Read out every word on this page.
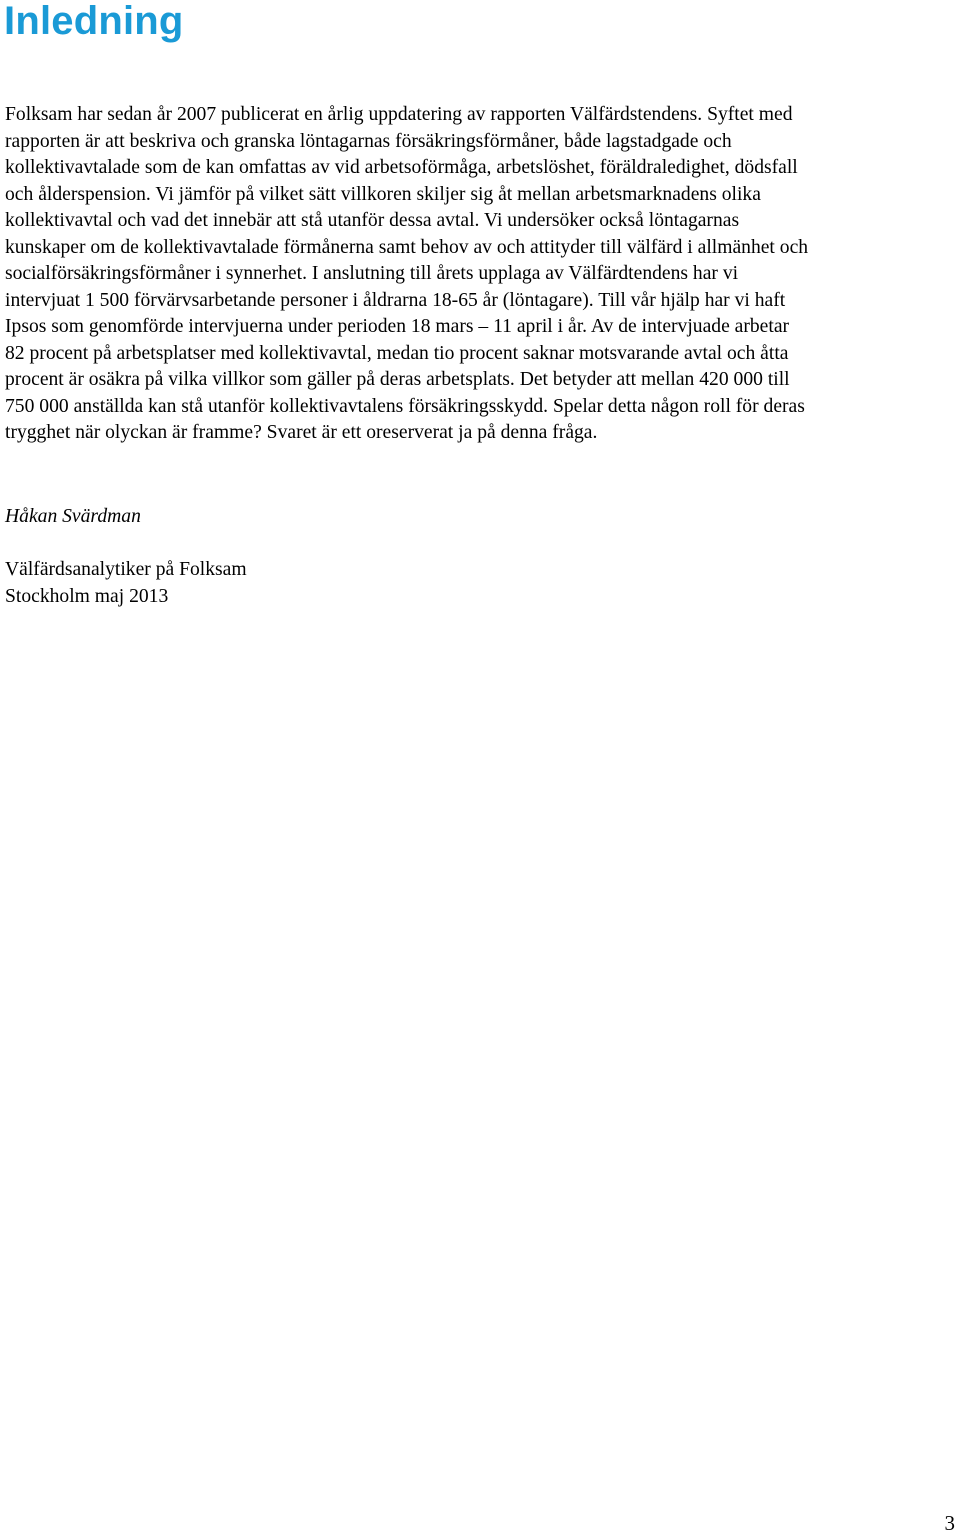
Inledning
Folksam har sedan år 2007 publicerat en årlig uppdatering av rapporten Välfärdstendens. Syftet med
rapporten är att beskriva och granska löntagarnas försäkringsförmåner, både lagstadgade och
kollektivavtalade som de kan omfattas av vid arbetsoförmåga, arbetslöshet, föräldraledighet, dödsfall
och ålderspension. Vi jämför på vilket sätt villkoren skiljer sig åt mellan arbetsmarknadens olika
kollektivavtal och vad det innebär att stå utanför dessa avtal. Vi undersöker också löntagarnas
kunskaper om de kollektivavtalade förmånerna samt behov av och attityder till välfärd i allmänhet och
socialförsäkringsförmåner i synnerhet. I anslutning till årets upplaga av Välfärdtendens har vi
intervjuat 1 500 förvärvsarbetande personer i åldrarna 18-65 år (löntagare). Till vår hjälp har vi haft
Ipsos som genomförde intervjuerna under perioden 18 mars – 11 april i år. Av de intervjuade arbetar
82 procent på arbetsplatser med kollektivavtal, medan tio procent saknar motsvarande avtal och åtta
procent är osäkra på vilka villkor som gäller på deras arbetsplats. Det betyder att mellan 420 000 till
750 000 anställda kan stå utanför kollektivavtalens försäkringsskydd. Spelar detta någon roll för deras
trygghet när olyckan är framme? Svaret är ett oreserverat ja på denna fråga.

Håkan Svärdman

Välfärdsanalytiker på Folksam
Stockholm maj 2013

3
